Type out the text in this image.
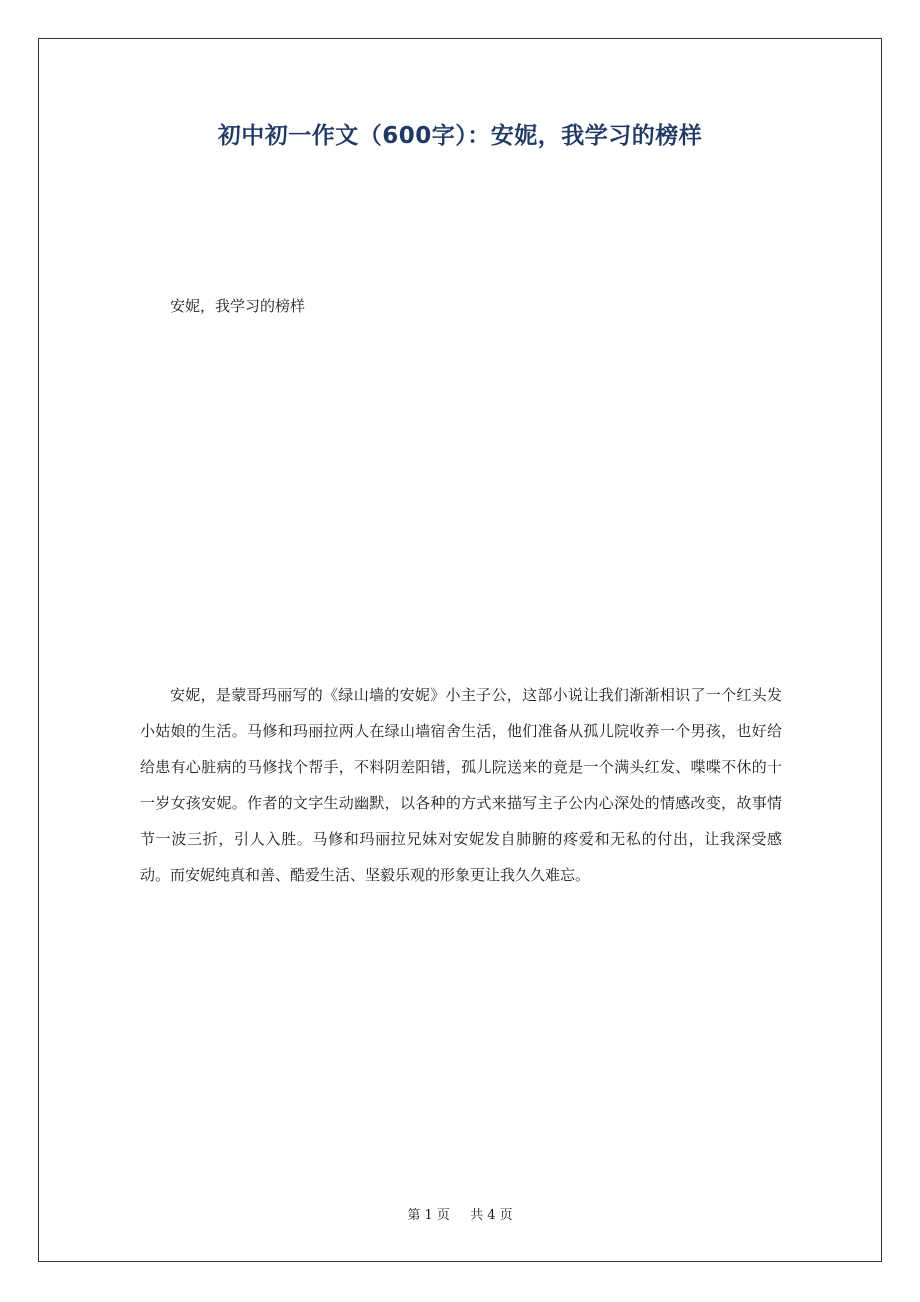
初中初一作文（600字）：安妮，我学习的榜样
安妮，我学习的榜样
安妮，是蒙哥玛丽写的《绿山墙的安妮》小主子公，这部小说让我们渐渐相识了一个红头发小姑娘的生活。马修和玛丽拉两人在绿山墙宿舍生活，他们准备从孤儿院收养一个男孩，也好给给患有心脏病的马修找个帮手，不料阴差阳错，孤儿院送来的竟是一个满头红发、喋喋不休的十一岁女孩安妮。作者的文字生动幽默，以各种的方式来描写主子公内心深处的情感改变，故事情节一波三折，引人入胜。马修和玛丽拉兄妹对安妮发自肺腑的疼爱和无私的付出，让我深受感动。而安妮纯真和善、酷爱生活、坚毅乐观的形象更让我久久难忘。
第 1 页 共 4 页
